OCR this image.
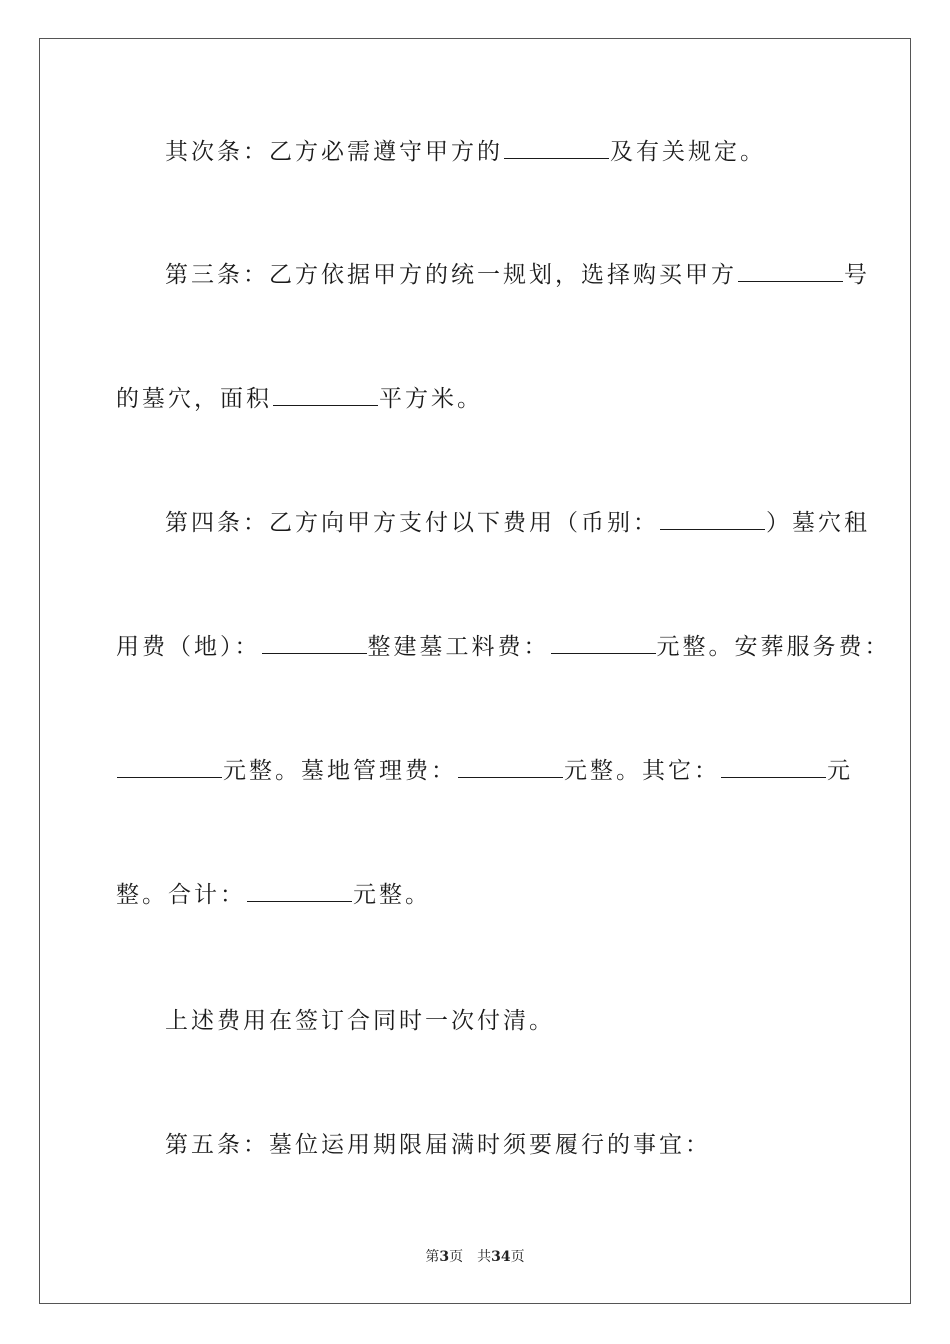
其次条：乙方必需遵守甲方的	及有关规定。
第三条：乙方依据甲方的统一规划，选择购买甲方	号
的墓穴，面积	平方米。
第四条：乙方向甲方支付以下费用（币别：	）墓穴租
用费（地）：	整建墓工料费：	元整。安葬服务费：
元整。墓地管理费：	元整。其它：	元
整。合计：	元整。
上述费用在签订合同时一次付清。
第五条：墓位运用期限届满时须要履行的事宜：
第3页 共34页
